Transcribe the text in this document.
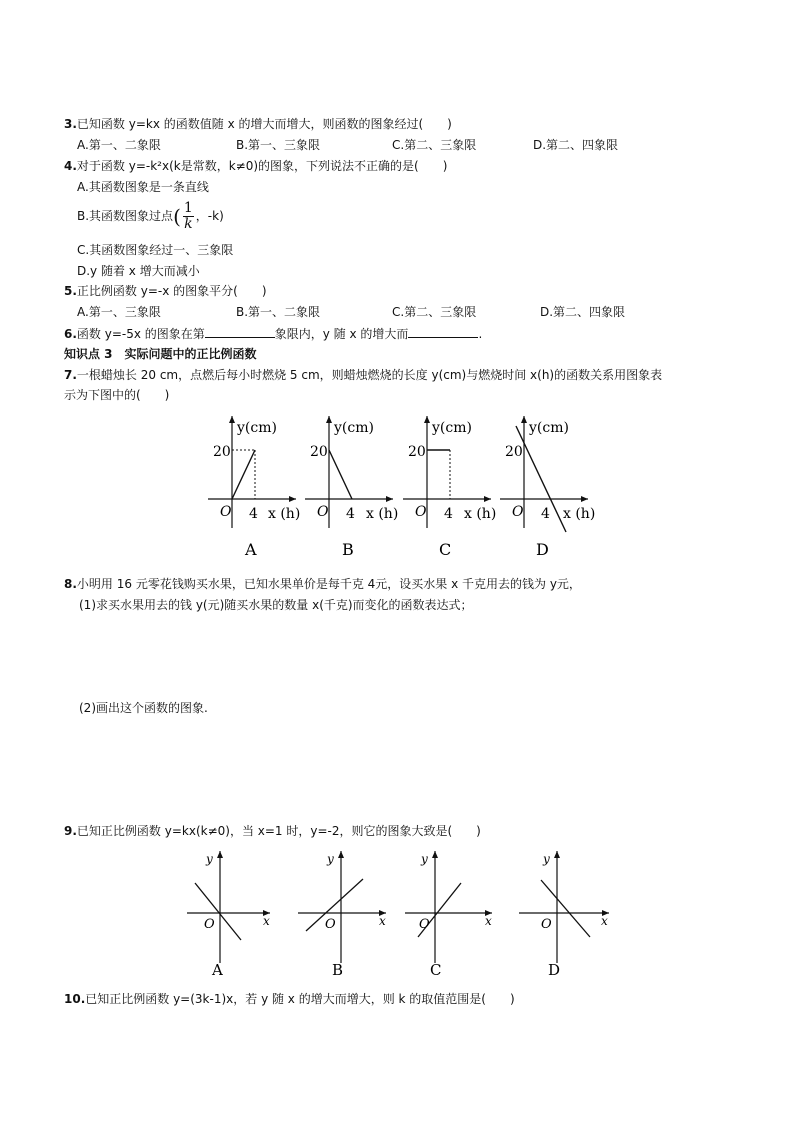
3.已知函数 y=kx 的函数值随 x 的增大而增大，则函数的图象经过(　　)
A.第一、二象限	B.第一、三象限	C.第二、三象限	D.第二、四象限
4.对于函数 y=-k²x(k是常数，k≠0)的图象，下列说法不正确的是(　　)
A.其函数图象是一条直线
B.其函数图象过点( $\frac{1}{k}$ ，-k)
C.其函数图象经过一、三象限
D.y 随着 x 增大而减小
5.正比例函数 y=-x 的图象平分(　　)
A.第一、三象限	B.第一、二象限	C.第二、三象限	D.第二、四象限
6.函数 y=-5x 的图象在第	象限内，y 随 x 的增大而	.
知识点 3　实际问题中的正比例函数
7.一根蜡烛长 20 cm，点燃后每小时燃烧 5 cm，则蜡烛燃烧的长度 y(cm)与燃烧时间 x(h)的函数关系用图象表
示为下图中的(　　)
y(cm)
20
O 4 x (h)
y(cm)
20
O 4 x (h)
y(cm)
20
O 4 x (h)
y(cm)
20
O 4 x (h)
A	B	C	D
8.小明用 16 元零花钱购买水果，已知水果单价是每千克 4元，设买水果 x 千克用去的钱为 y元，
(1)求买水果用去的钱 y(元)随买水果的数量 x(千克)而变化的函数表达式；
(2)画出这个函数的图象.
9.已知正比例函数 y=kx(k≠0)，当 x=1 时，y=-2，则它的图象大致是(　　)
y
x
O
y
x
O
y
x
O
y
x
O
A	B	C	D
10.已知正比例函数 y=(3k-1)x，若 y 随 x 的增大而增大，则 k 的取值范围是(　　)
